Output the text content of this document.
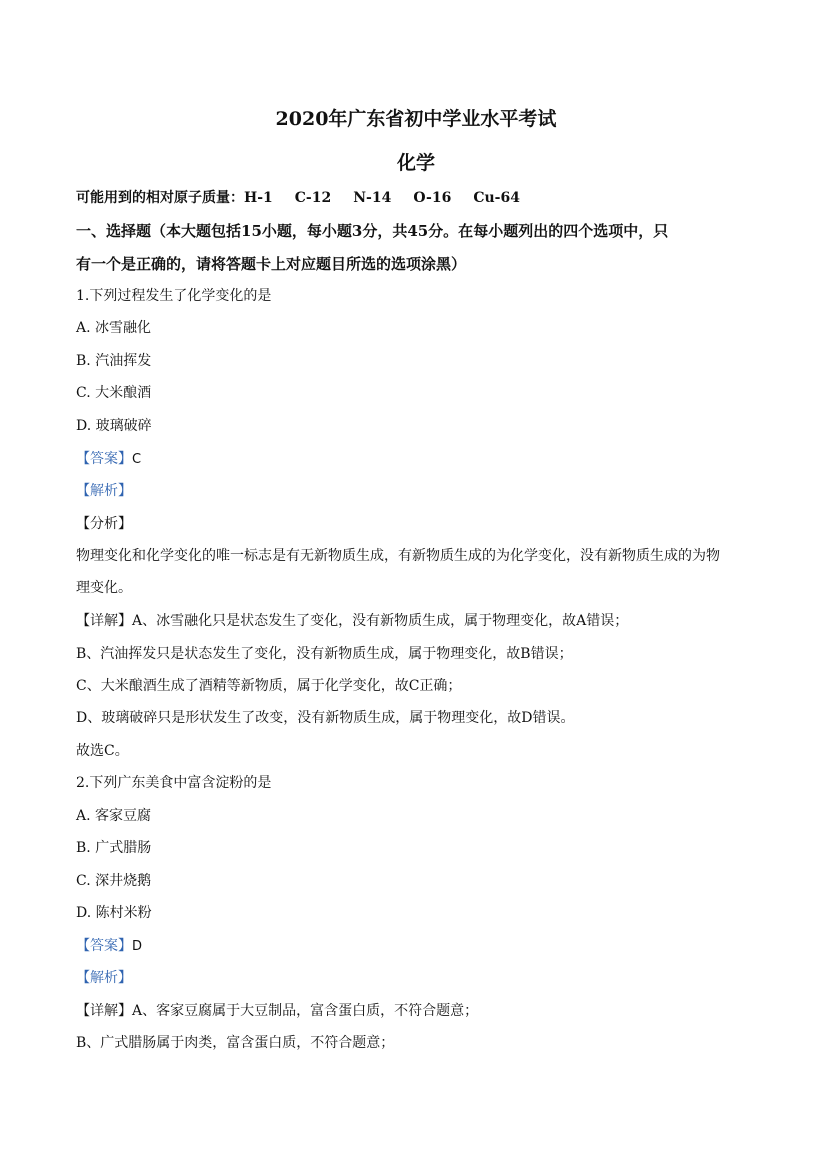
2020年广东省初中学业水平考试
化学
可能用到的相对原子质量：H-1 C-12 N-14 O-16 Cu-64
一、选择题（本大题包括15小题，每小题3分，共45分。在每小题列出的四个选项中，只
有一个是正确的，请将答题卡上对应题目所选的选项涂黑）
1.下列过程发生了化学变化的是
A. 冰雪融化
B. 汽油挥发
C. 大米酿酒
D. 玻璃破碎
【答案】C
【解析】
【分析】
物理变化和化学变化的唯一标志是有无新物质生成，有新物质生成的为化学变化，没有新物质生成的为物
理变化。
【详解】A、冰雪融化只是状态发生了变化，没有新物质生成，属于物理变化，故A错误；
B、汽油挥发只是状态发生了变化，没有新物质生成，属于物理变化，故B错误；
C、大米酿酒生成了酒精等新物质，属于化学变化，故C正确；
D、玻璃破碎只是形状发生了改变，没有新物质生成，属于物理变化，故D错误。
故选C。
2.下列广东美食中富含淀粉的是
A. 客家豆腐
B. 广式腊肠
C. 深井烧鹅
D. 陈村米粉
【答案】D
【解析】
【详解】A、客家豆腐属于大豆制品，富含蛋白质，不符合题意；
B、广式腊肠属于肉类，富含蛋白质，不符合题意；
